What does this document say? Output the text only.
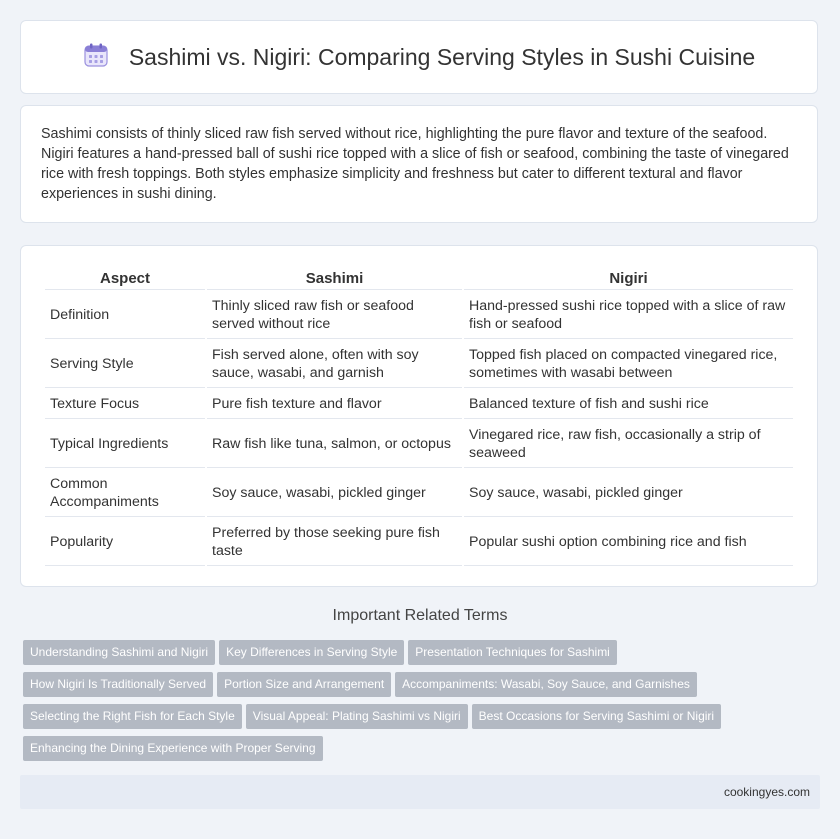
Sashimi vs. Nigiri: Comparing Serving Styles in Sushi Cuisine

Sashimi consists of thinly sliced raw fish served without rice, highlighting the pure flavor and texture of the seafood. Nigiri features a hand-pressed ball of sushi rice topped with a slice of fish or seafood, combining the taste of vinegared rice with fresh toppings. Both styles emphasize simplicity and freshness but cater to different textural and flavor experiences in sushi dining.

Aspect	Sashimi	Nigiri
Definition	Thinly sliced raw fish or seafood served without rice	Hand-pressed sushi rice topped with a slice of raw fish or seafood
Serving Style	Fish served alone, often with soy sauce, wasabi, and garnish	Topped fish placed on compacted vinegared rice, sometimes with wasabi between
Texture Focus	Pure fish texture and flavor	Balanced texture of fish and sushi rice
Typical Ingredients	Raw fish like tuna, salmon, or octopus	Vinegared rice, raw fish, occasionally a strip of seaweed
Common Accompaniments	Soy sauce, wasabi, pickled ginger	Soy sauce, wasabi, pickled ginger
Popularity	Preferred by those seeking pure fish taste	Popular sushi option combining rice and fish
Important Related Terms
Understanding Sashimi and Nigiri Key Differences in Serving Style Presentation Techniques for Sashimi
How Nigiri Is Traditionally Served Portion Size and Arrangement Accompaniments: Wasabi, Soy Sauce, and Garnishes
Selecting the Right Fish for Each Style Visual Appeal: Plating Sashimi vs Nigiri Best Occasions for Serving Sashimi or Nigiri
Enhancing the Dining Experience with Proper Serving
cookingyes.com
